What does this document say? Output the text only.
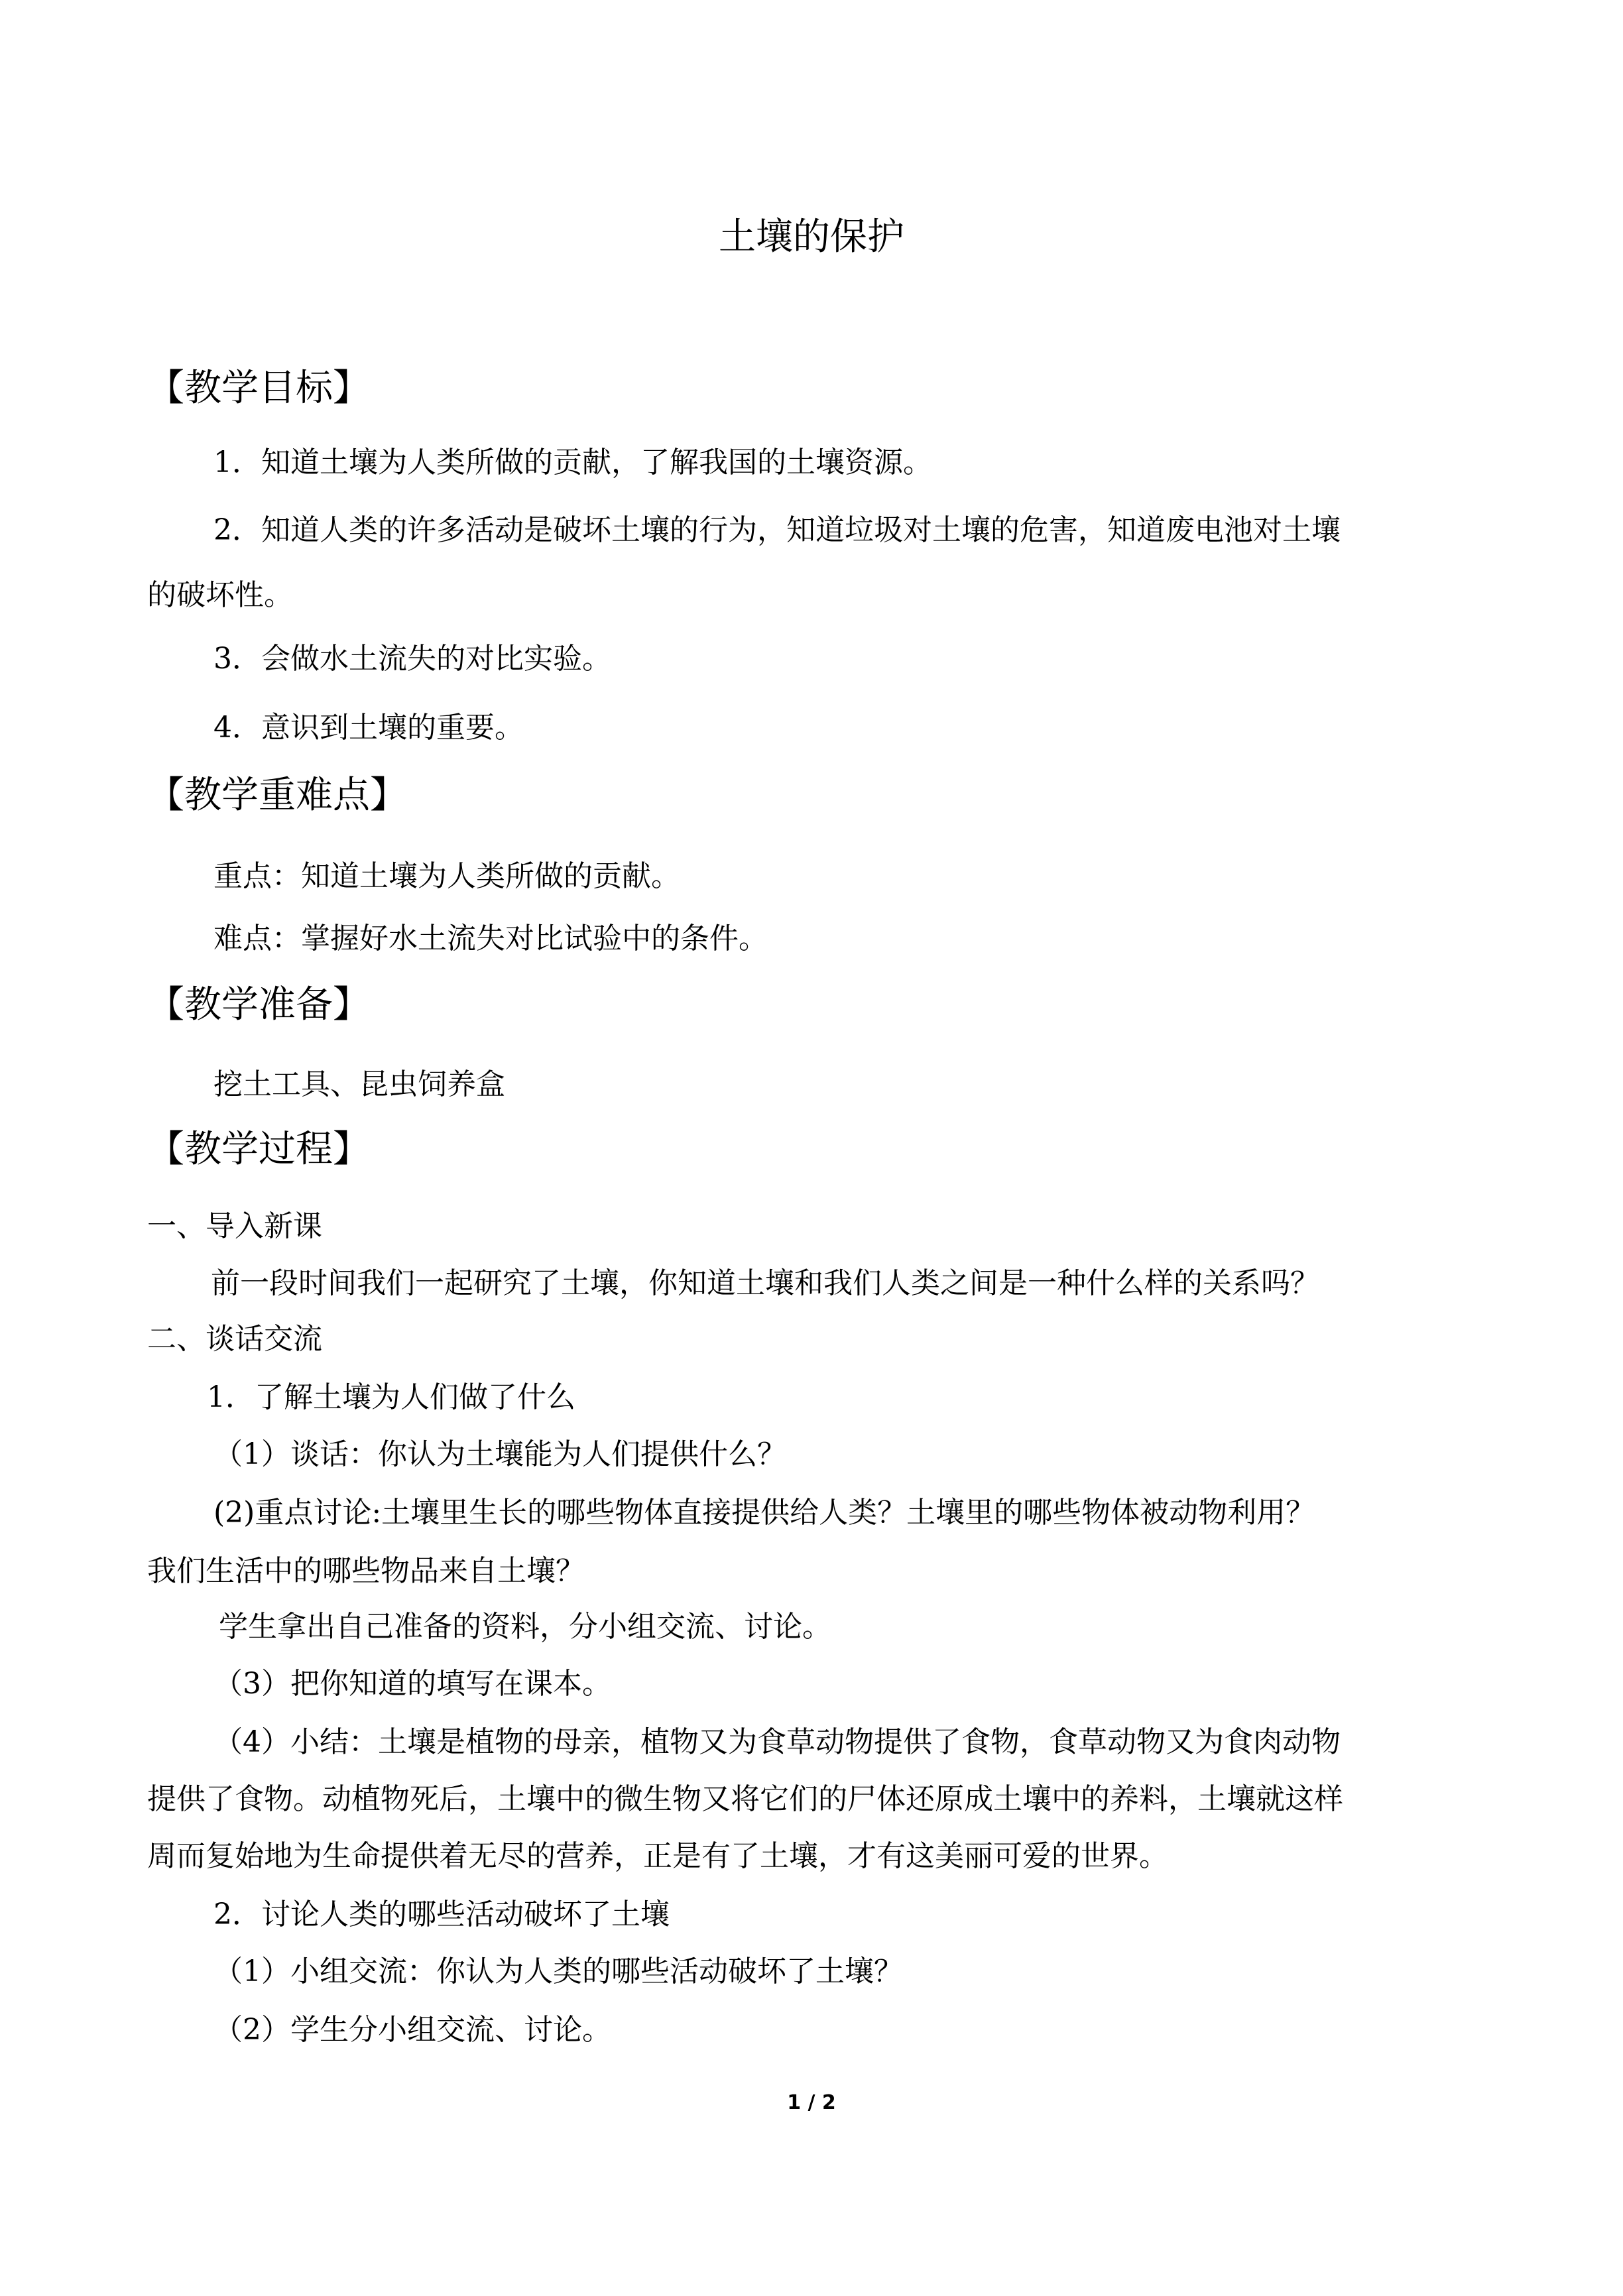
土壤的保护
【教学目标】
1．知道土壤为人类所做的贡献，了解我国的土壤资源。
2．知道人类的许多活动是破坏土壤的行为，知道垃圾对土壤的危害，知道废电池对土壤
的破坏性。
3．会做水土流失的对比实验。
4．意识到土壤的重要。
【教学重难点】
重点：知道土壤为人类所做的贡献。
难点：掌握好水土流失对比试验中的条件。
【教学准备】
挖土工具、昆虫饲养盒
【教学过程】
一、导入新课
前一段时间我们一起研究了土壤，你知道土壤和我们人类之间是一种什么样的关系吗？
二、谈话交流
1．了解土壤为人们做了什么
（1）谈话：你认为土壤能为人们提供什么？
(2)重点讨论:土壤里生长的哪些物体直接提供给人类？土壤里的哪些物体被动物利用？
我们生活中的哪些物品来自土壤？
学生拿出自己准备的资料，分小组交流、讨论。
（3）把你知道的填写在课本。
（4）小结：土壤是植物的母亲，植物又为食草动物提供了食物，食草动物又为食肉动物
提供了食物。动植物死后，土壤中的微生物又将它们的尸体还原成土壤中的养料，土壤就这样
周而复始地为生命提供着无尽的营养，正是有了土壤，才有这美丽可爱的世界。
2．讨论人类的哪些活动破坏了土壤
（1）小组交流：你认为人类的哪些活动破坏了土壤？
（2）学生分小组交流、讨论。
1 / 2
